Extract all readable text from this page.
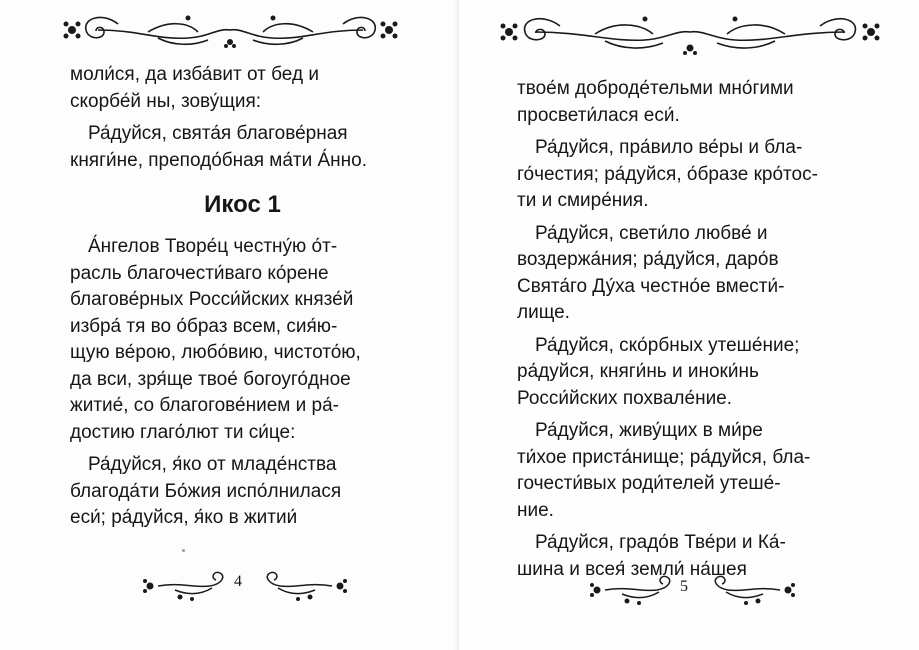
моли́ся, да изба́вит от бед и
скорбе́й ны, зову́щия:

Ра́дуйся, свята́я благове́рная
княги́не, преподо́бная ма́ти А́нно.

Икос 1

А́нгелов Творе́ц честну́ю о́т-
расль благочести́ваго ко́рене
благове́рных Росси́йских князе́й
избра́ тя во о́браз всем, сия́ю-
щую ве́рою, любо́вию, чистото́ю,
да вси, зря́ще твое́ богоуго́дное
житие́, со благогове́нием и ра́-
достию глаго́лют ти си́це:

Ра́дуйся, я́ко от младе́нства
благода́ти Бо́жия испо́лнилася
еси́; ра́дуйся, я́ко в житии́

4

твое́м доброде́тельми мно́гими
просвети́лася еси́.

Ра́дуйся, пра́вило ве́ры и бла-
го́честия; ра́дуйся, о́бразе кро́тос-
ти и смире́ния.

Ра́дуйся, свети́ло любве́ и
воздержа́ния; ра́дуйся, даро́в
Свята́го Ду́ха честно́е вмести́-
лище.

Ра́дуйся, ско́рбных утеше́ние;
ра́дуйся, княги́нь и иноки́нь
Росси́йских похвале́ние.

Ра́дуйся, живу́щих в ми́ре
ти́хое приста́нище; ра́дуйся, бла-
гочести́вых роди́телей утеше́-
ние.

Ра́дуйся, градо́в Тве́ри и Ка́-
шина и всея́ земли́ на́шея

5
